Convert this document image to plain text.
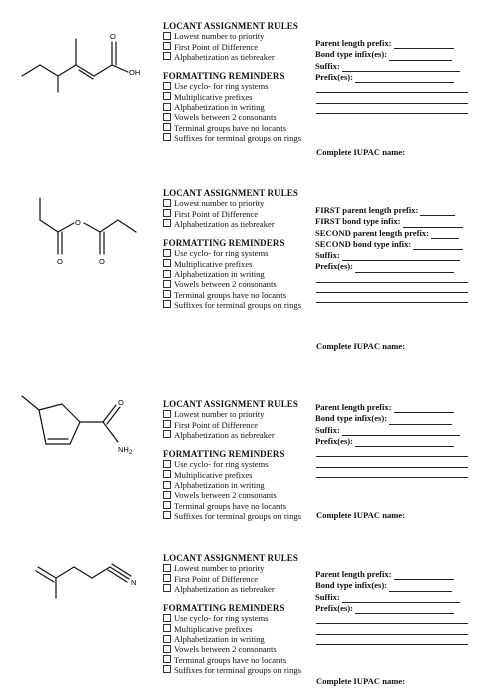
OH
O
LOCANT ASSIGNMENT RULES
Lowest number to priority
First Point of Difference
Alphabetization as tiebreaker
FORMATTING REMINDERS
Use cyclo- for ring systems
Multiplicative prefixes
Alphabetization in writing
Vowels between 2 consonants
Terminal groups have no locants
Suffixes for terminal groups on rings
Parent length prefix:
Bond type infix(es):
Suffix:
Prefix(es):
Complete IUPAC name:
O
O	O
LOCANT ASSIGNMENT RULES
Lowest number to priority
First Point of Difference
Alphabetization as tiebreaker
FORMATTING REMINDERS
Use cyclo- for ring systems
Multiplicative prefixes
Alphabetization in writing
Vowels between 2 consonants
Terminal groups have no locants
Suffixes for terminal groups on rings
FIRST parent length prefix:
FIRST bond type infix:
SECOND parent length prefix:
SECOND bond type infix:
Suffix:
Prefix(es):
Complete IUPAC name:
O
$NH_2$
LOCANT ASSIGNMENT RULES
Lowest number to priority
First Point of Difference
Alphabetization as tiebreaker
FORMATTING REMINDERS
Use cyclo- for ring systems
Multiplicative prefixes
Alphabetization in writing
Vowels between 2 consonants
Terminal groups have no locants
Suffixes for terminal groups on rings
Parent length prefix:
Bond type infix(es):
Suffix:
Prefix(es):
Complete IUPAC name:
N
LOCANT ASSIGNMENT RULES
Lowest number to priority
First Point of Difference
Alphabetization as tiebreaker
FORMATTING REMINDERS
Use cyclo- for ring systems
Multiplicative prefixes
Alphabetization in writing
Vowels between 2 consonants
Terminal groups have no locants
Suffixes for terminal groups on rings
Parent length prefix:
Bond type infix(es):
Suffix:
Prefix(es):
Complete IUPAC name:
